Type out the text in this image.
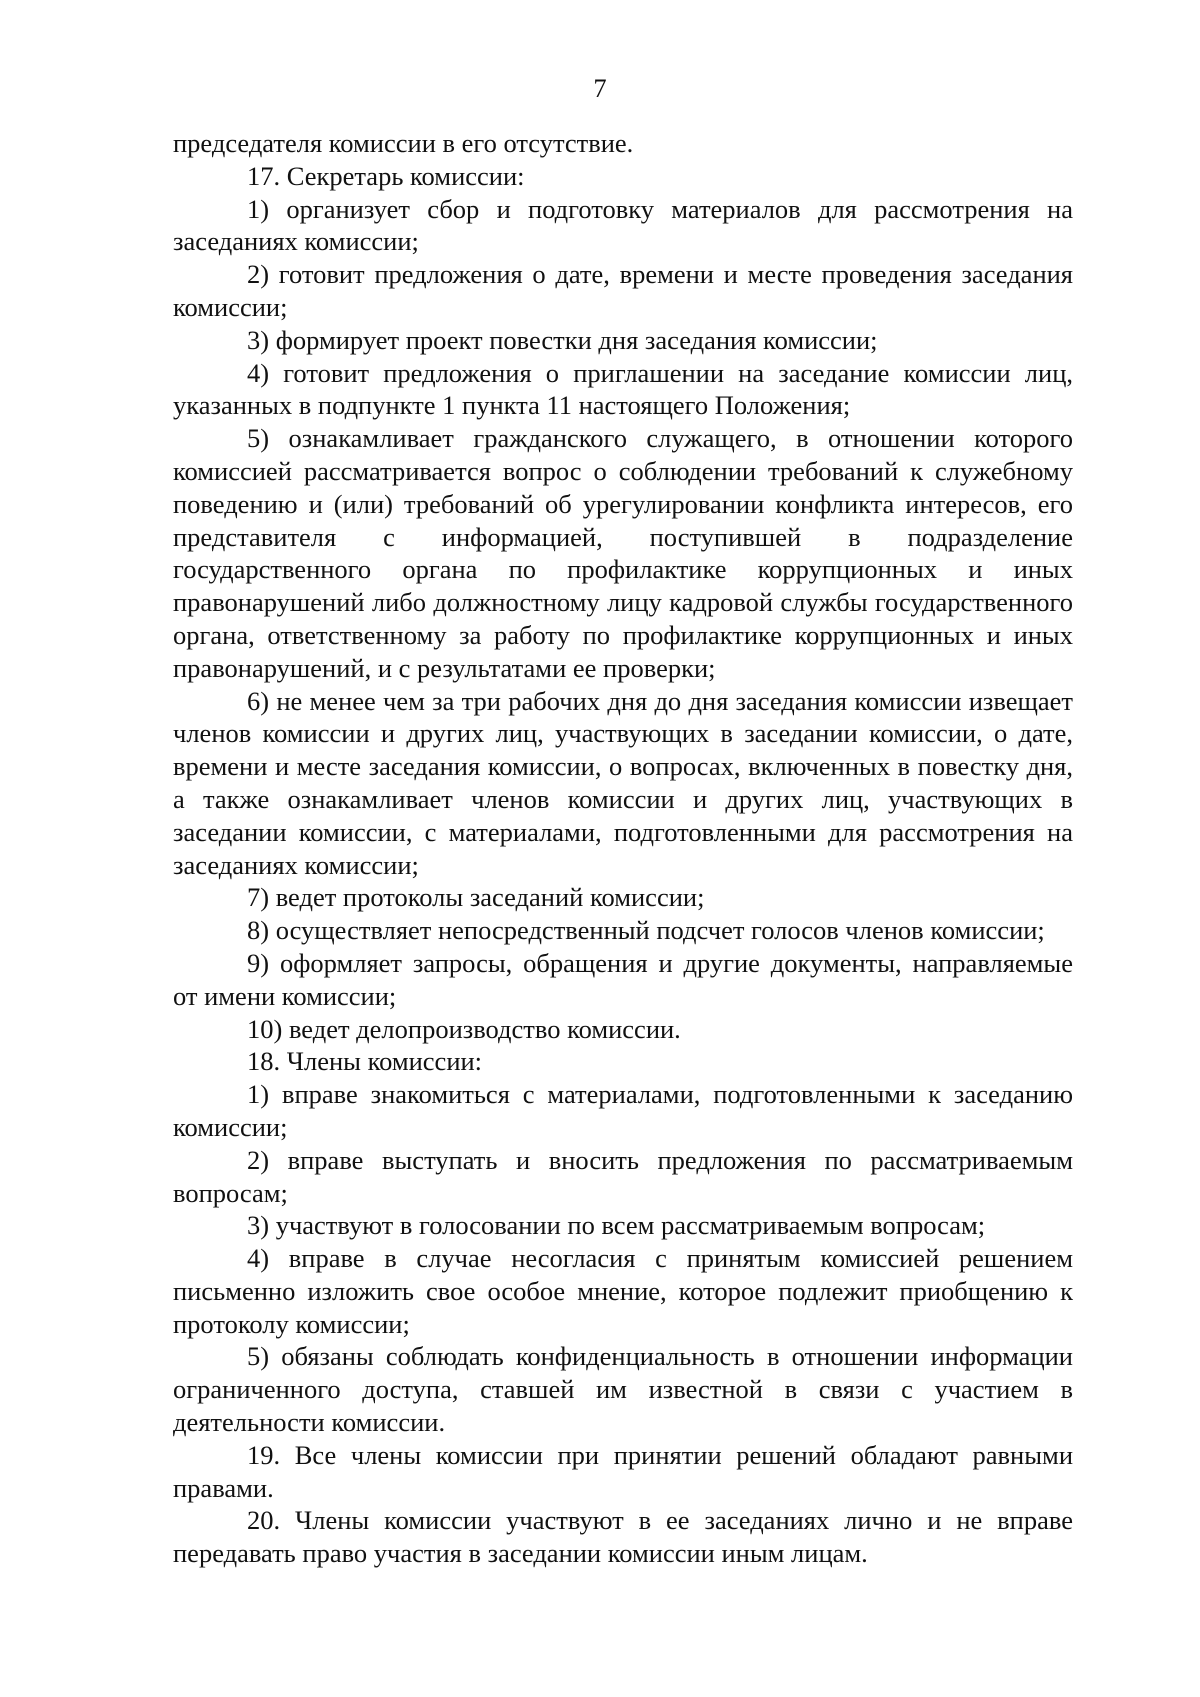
7

председателя комиссии в его отсутствие.

17. Секретарь комиссии:

1) организует сбор и подготовку материалов для рассмотрения на заседаниях комиссии;

2) готовит предложения о дате, времени и месте проведения заседания комиссии;

3) формирует проект повестки дня заседания комиссии;

4) готовит предложения о приглашении на заседание комиссии лиц, указанных в подпункте 1 пункта 11 настоящего Положения;

5) ознакамливает гражданского служащего, в отношении которого комиссией рассматривается вопрос о соблюдении требований к служебному поведению и (или) требований об урегулировании конфликта интересов, его представителя с информацией, поступившей в подразделение государственного органа по профилактике коррупционных и иных правонарушений либо должностному лицу кадровой службы государственного органа, ответственному за работу по профилактике коррупционных и иных правонарушений, и с результатами ее проверки;

6) не менее чем за три рабочих дня до дня заседания комиссии извещает членов комиссии и других лиц, участвующих в заседании комиссии, о дате, времени и месте заседания комиссии, о вопросах, включенных в повестку дня, а также ознакамливает членов комиссии и других лиц, участвующих в заседании комиссии, с материалами, подготовленными для рассмотрения на заседаниях комиссии;

7) ведет протоколы заседаний комиссии;

8) осуществляет непосредственный подсчет голосов членов комиссии;

9) оформляет запросы, обращения и другие документы, направляемые от имени комиссии;

10) ведет делопроизводство комиссии.

18. Члены комиссии:

1) вправе знакомиться с материалами, подготовленными к заседанию комиссии;

2) вправе выступать и вносить предложения по рассматриваемым вопросам;

3) участвуют в голосовании по всем рассматриваемым вопросам;

4) вправе в случае несогласия с принятым комиссией решением письменно изложить свое особое мнение, которое подлежит приобщению к протоколу комиссии;

5) обязаны соблюдать конфиденциальность в отношении информации ограниченного доступа, ставшей им известной в связи с участием в деятельности комиссии.

19. Все члены комиссии при принятии решений обладают равными правами.

20. Члены комиссии участвуют в ее заседаниях лично и не вправе передавать право участия в заседании комиссии иным лицам.
